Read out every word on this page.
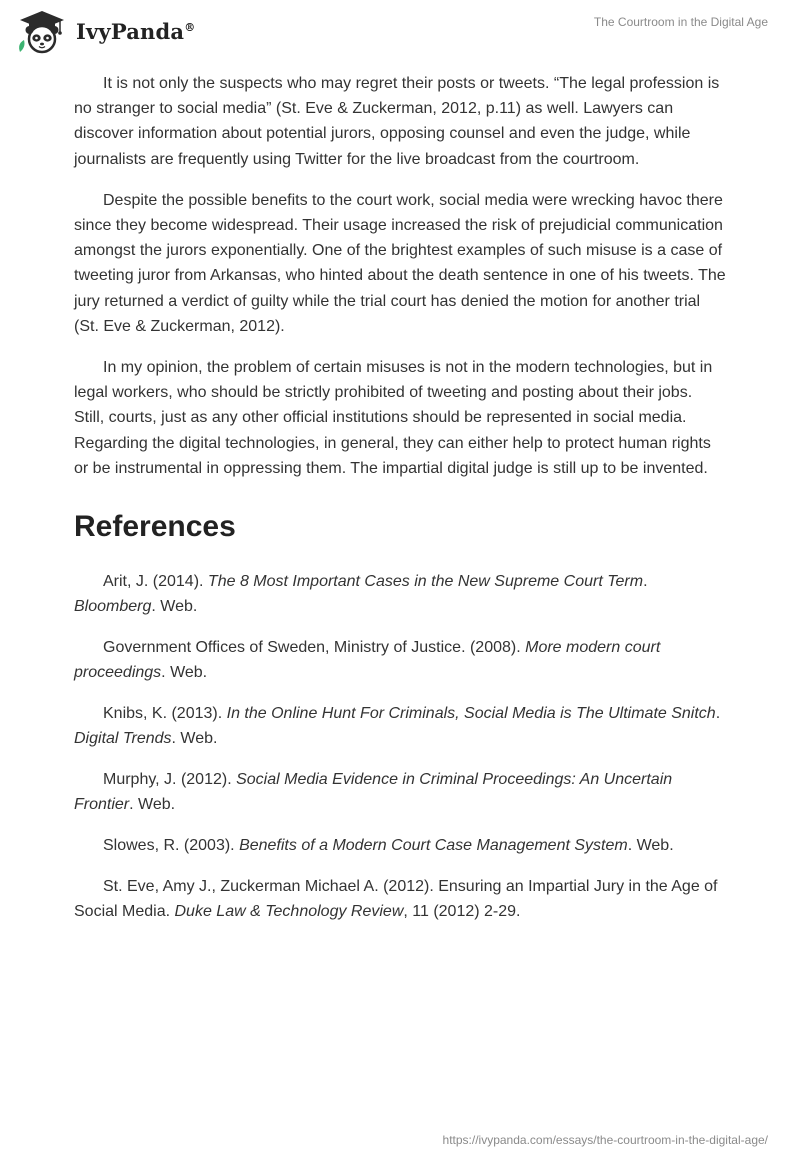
IvyPanda®	The Courtroom in the Digital Age

It is not only the suspects who may regret their posts or tweets. “The legal profession is no stranger to social media” (St. Eve & Zuckerman, 2012, p.11) as well. Lawyers can discover information about potential jurors, opposing counsel and even the judge, while journalists are frequently using Twitter for the live broadcast from the courtroom.

Despite the possible benefits to the court work, social media were wrecking havoc there since they become widespread. Their usage increased the risk of prejudicial communication amongst the jurors exponentially. One of the brightest examples of such misuse is a case of tweeting juror from Arkansas, who hinted about the death sentence in one of his tweets. The jury returned a verdict of guilty while the trial court has denied the motion for another trial (St. Eve & Zuckerman, 2012).

In my opinion, the problem of certain misuses is not in the modern technologies, but in legal workers, who should be strictly prohibited of tweeting and posting about their jobs. Still, courts, just as any other official institutions should be represented in social media. Regarding the digital technologies, in general, they can either help to protect human rights or be instrumental in oppressing them. The impartial digital judge is still up to be invented.

References

Arit, J. (2014). The 8 Most Important Cases in the New Supreme Court Term. Bloomberg. Web.

Government Offices of Sweden, Ministry of Justice. (2008). More modern court proceedings. Web.

Knibs, K. (2013). In the Online Hunt For Criminals, Social Media is The Ultimate Snitch. Digital Trends. Web.

Murphy, J. (2012). Social Media Evidence in Criminal Proceedings: An Uncertain Frontier. Web.

Slowes, R. (2003). Benefits of a Modern Court Case Management System. Web.

St. Eve, Amy J., Zuckerman Michael A. (2012). Ensuring an Impartial Jury in the Age of Social Media. Duke Law & Technology Review, 11 (2012) 2-29.

https://ivypanda.com/essays/the-courtroom-in-the-digital-age/
